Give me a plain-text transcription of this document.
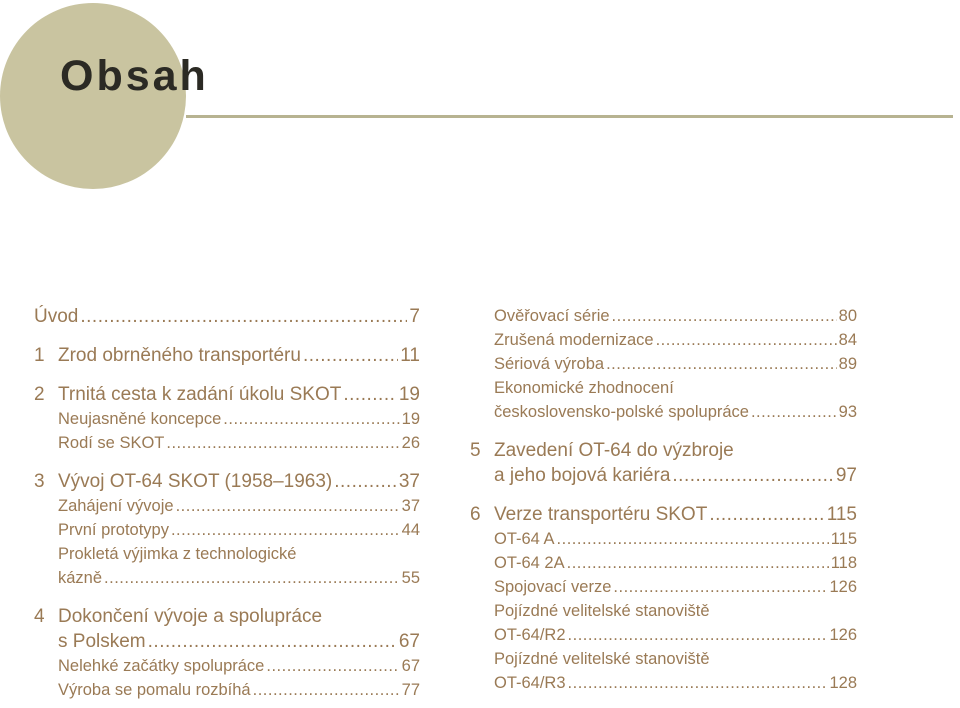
Obsah
Úvod .....	7
1 Zrod obrněného transportéru .....	11
2 Trnitá cesta k zadání úkolu SKOT .....	19
Neujasněné koncepce .....	19
Rodí se SKOT .....	26
3 Vývoj OT-64 SKOT (1958–1963) .....	37
Zahájení vývoje .....	37
První prototypy .....	44
Prokletá výjimka z technologické
kázně .....	55
4 Dokončení vývoje a spolupráce
s Polskem .....	67
Nelehké začátky spolupráce .....	67
Výroba se pomalu rozbíhá .....	77
Ověřovací série .....	80
Zrušená modernizace .....	84
Sériová výroba .....	89
Ekonomické zhodnocení
československo-polské spolupráce .....	93
5 Zavedení OT-64 do výzbroje
a jeho bojová kariéra .....	97
6 Verze transportéru SKOT .....	115
OT-64 A .....	115
OT-64 2A .....	118
Spojovací verze .....	126
Pojízdné velitelské stanoviště
OT-64/R2 .....	126
Pojízdné velitelské stanoviště
OT-64/R3 .....	128
